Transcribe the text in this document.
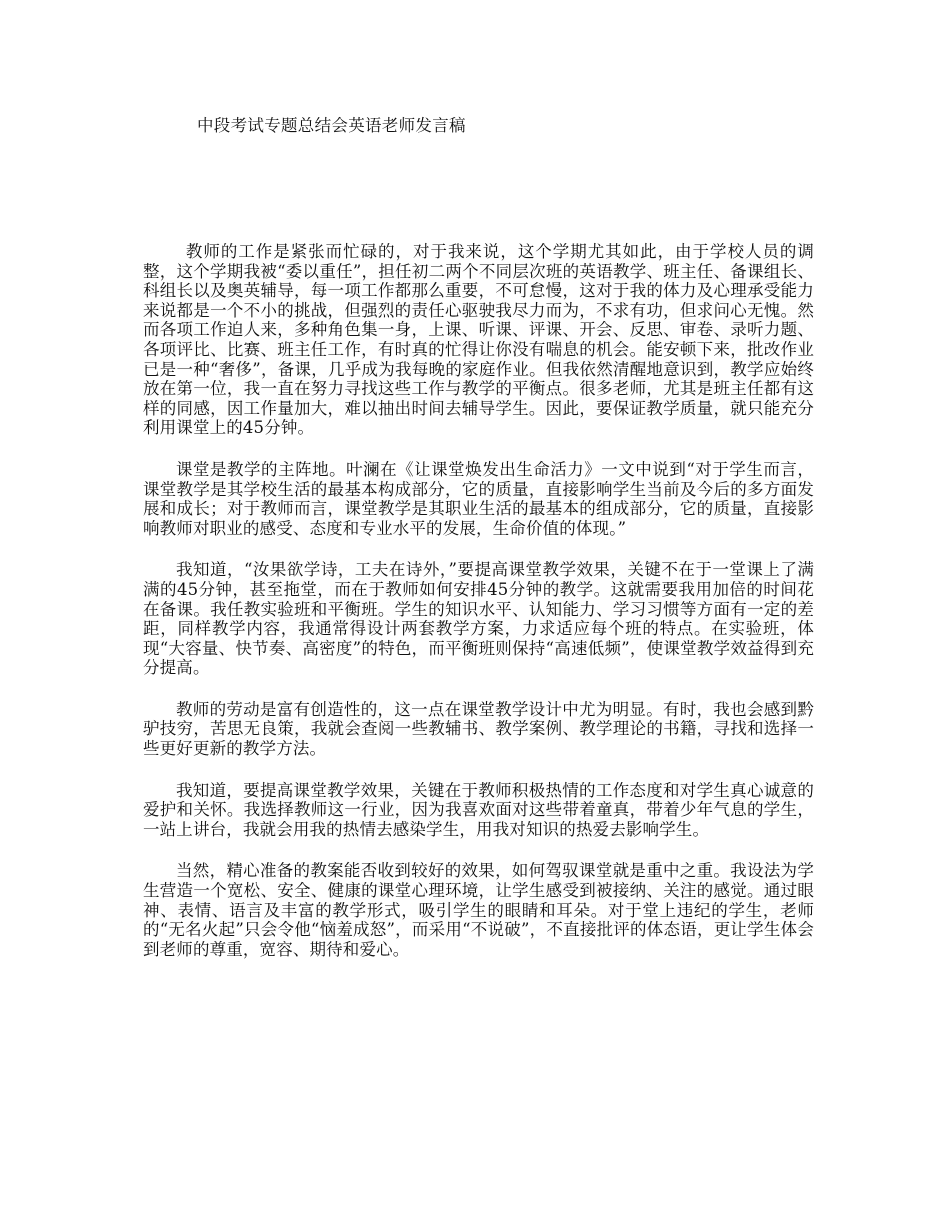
中段考试专题总结会英语老师发言稿

教师的工作是紧张而忙碌的，对于我来说，这个学期尤其如此，由于学校人员的调整，这个学期我被“委以重任”，担任初二两个不同层次班的英语教学、班主任、备课组长、科组长以及奥英辅导，每一项工作都那么重要，不可怠慢，这对于我的体力及心理承受能力来说都是一个不小的挑战，但强烈的责任心驱驶我尽力而为，不求有功，但求问心无愧。然而各项工作迫人来，多种角色集一身，上课、听课、评课、开会、反思、审卷、录听力题、各项评比、比赛、班主任工作，有时真的忙得让你没有喘息的机会。能安顿下来，批改作业已是一种“奢侈”，备课，几乎成为我每晚的家庭作业。但我依然清醒地意识到，教学应始终放在第一位，我一直在努力寻找这些工作与教学的平衡点。很多老师，尤其是班主任都有这样的同感，因工作量加大，难以抽出时间去辅导学生。因此，要保证教学质量，就只能充分利用课堂上的45分钟。

课堂是教学的主阵地。叶澜在《让课堂焕发出生命活力》一文中说到“对于学生而言，课堂教学是其学校生活的最基本构成部分，它的质量，直接影响学生当前及今后的多方面发展和成长；对于教师而言，课堂教学是其职业生活的最基本的组成部分，它的质量，直接影响教师对职业的感受、态度和专业水平的发展，生命价值的体现。”

我知道，“汝果欲学诗，工夫在诗外，”要提高课堂教学效果，关键不在于一堂课上了满满的45分钟，甚至拖堂，而在于教师如何安排45分钟的教学。这就需要我用加倍的时间花在备课。我任教实验班和平衡班。学生的知识水平、认知能力、学习习惯等方面有一定的差距，同样教学内容，我通常得设计两套教学方案，力求适应每个班的特点。在实验班，体现“大容量、快节奏、高密度”的特色，而平衡班则保持“高速低频”，使课堂教学效益得到充分提高。

教师的劳动是富有创造性的，这一点在课堂教学设计中尤为明显。有时，我也会感到黔驴技穷，苦思无良策，我就会查阅一些教辅书、教学案例、教学理论的书籍，寻找和选择一些更好更新的教学方法。

我知道，要提高课堂教学效果，关键在于教师积极热情的工作态度和对学生真心诚意的爱护和关怀。我选择教师这一行业，因为我喜欢面对这些带着童真，带着少年气息的学生，一站上讲台，我就会用我的热情去感染学生，用我对知识的热爱去影响学生。

当然，精心准备的教案能否收到较好的效果，如何驾驭课堂就是重中之重。我设法为学生营造一个宽松、安全、健康的课堂心理环境，让学生感受到被接纳、关注的感觉。通过眼神、表情、语言及丰富的教学形式，吸引学生的眼睛和耳朵。对于堂上违纪的学生，老师的“无名火起”只会令他“恼羞成怒”，而采用“不说破”，不直接批评的体态语，更让学生体会到老师的尊重，宽容、期待和爱心。
